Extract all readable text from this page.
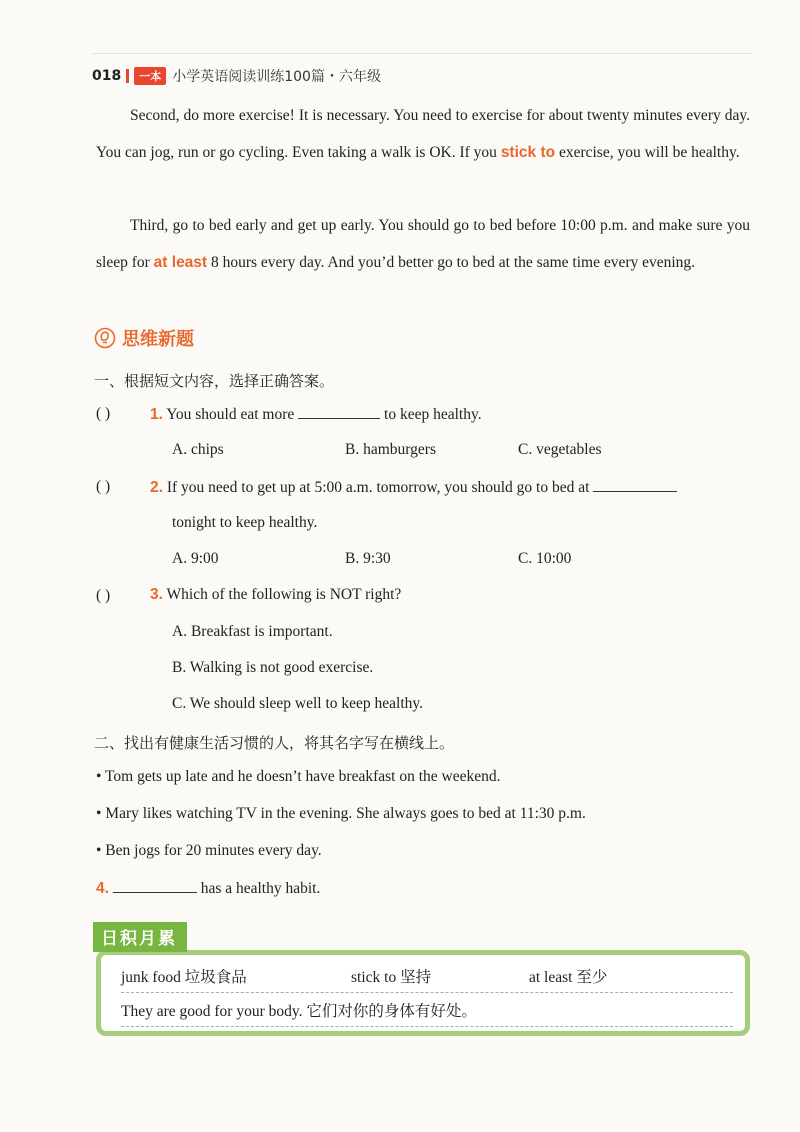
018	一本 小学英语阅读训练100篇・六年级
Second, do more exercise! It is necessary. You need to exercise for about twenty minutes every day. You can jog, run or go cycling. Even taking a walk is OK. If you stick to exercise, you will be healthy.
Third, go to bed early and get up early. You should go to bed before 10:00 p.m. and make sure you sleep for at least 8 hours every day. And you’d better go to bed at the same time every evening.
思维新题
一、根据短文内容，选择正确答案。
( )	1. You should eat more	to keep healthy.
A. chips	B. hamburgers	C. vegetables
( )	2. If you need to get up at 5:00 a.m. tomorrow, you should go to bed at
tonight to keep healthy.
A. 9:00	B. 9:30	C. 10:00
( )	3. Which of the following is NOT right?
A. Breakfast is important.
B. Walking is not good exercise.
C. We should sleep well to keep healthy.
二、找出有健康生活习惯的人，将其名字写在横线上。
• Tom gets up late and he doesn’t have breakfast on the weekend.
• Mary likes watching TV in the evening. She always goes to bed at 11:30 p.m.
• Ben jogs for 20 minutes every day.
4.	has a healthy habit.
junk food 垃圾食品	stick to 坚持	at least 至少
They are good for your body. 它们对你的身体有好处。
日积月累
